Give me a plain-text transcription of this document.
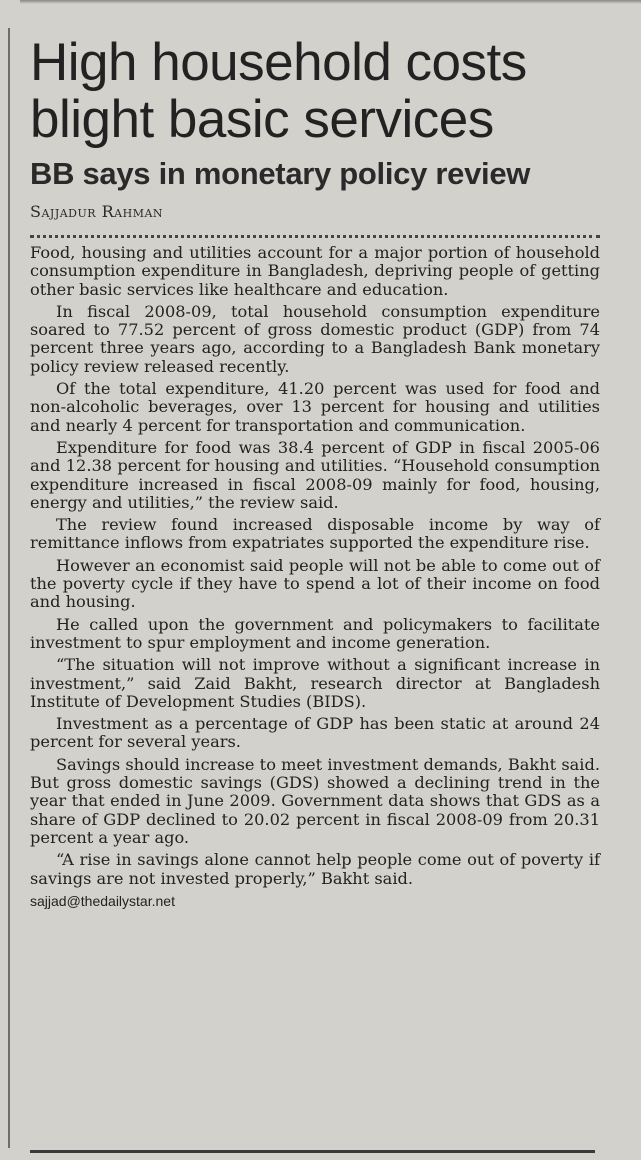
High household costs
blight basic services
BB says in monetary policy review
Sajjadur Rahman

Food, housing and utilities account for a major portion of household consumption expenditure in Bangladesh, depriving people of getting other basic services like healthcare and education.

In fiscal 2008-09, total household consumption expenditure soared to 77.52 percent of gross domestic product (GDP) from 74 percent three years ago, according to a Bangladesh Bank monetary policy review released recently.

Of the total expenditure, 41.20 percent was used for food and non-alcoholic beverages, over 13 percent for housing and utilities and nearly 4 percent for transportation and communication.

Expenditure for food was 38.4 percent of GDP in fiscal 2005-06 and 12.38 percent for housing and utilities. “Household consumption expenditure increased in fiscal 2008-09 mainly for food, housing, energy and utilities,” the review said.

The review found increased disposable income by way of remittance inflows from expatriates supported the expenditure rise.

However an economist said people will not be able to come out of the poverty cycle if they have to spend a lot of their income on food and housing.

He called upon the government and policymakers to facilitate investment to spur employment and income generation.

“The situation will not improve without a significant increase in investment,” said Zaid Bakht, research director at Bangladesh Institute of Development Studies (BIDS).

Investment as a percentage of GDP has been static at around 24 percent for several years.

Savings should increase to meet investment demands, Bakht said. But gross domestic savings (GDS) showed a declining trend in the year that ended in June 2009. Government data shows that GDS as a share of GDP declined to 20.02 percent in fiscal 2008-09 from 20.31 percent a year ago.

“A rise in savings alone cannot help people come out of poverty if savings are not invested properly,” Bakht said.

sajjad@thedailystar.net
